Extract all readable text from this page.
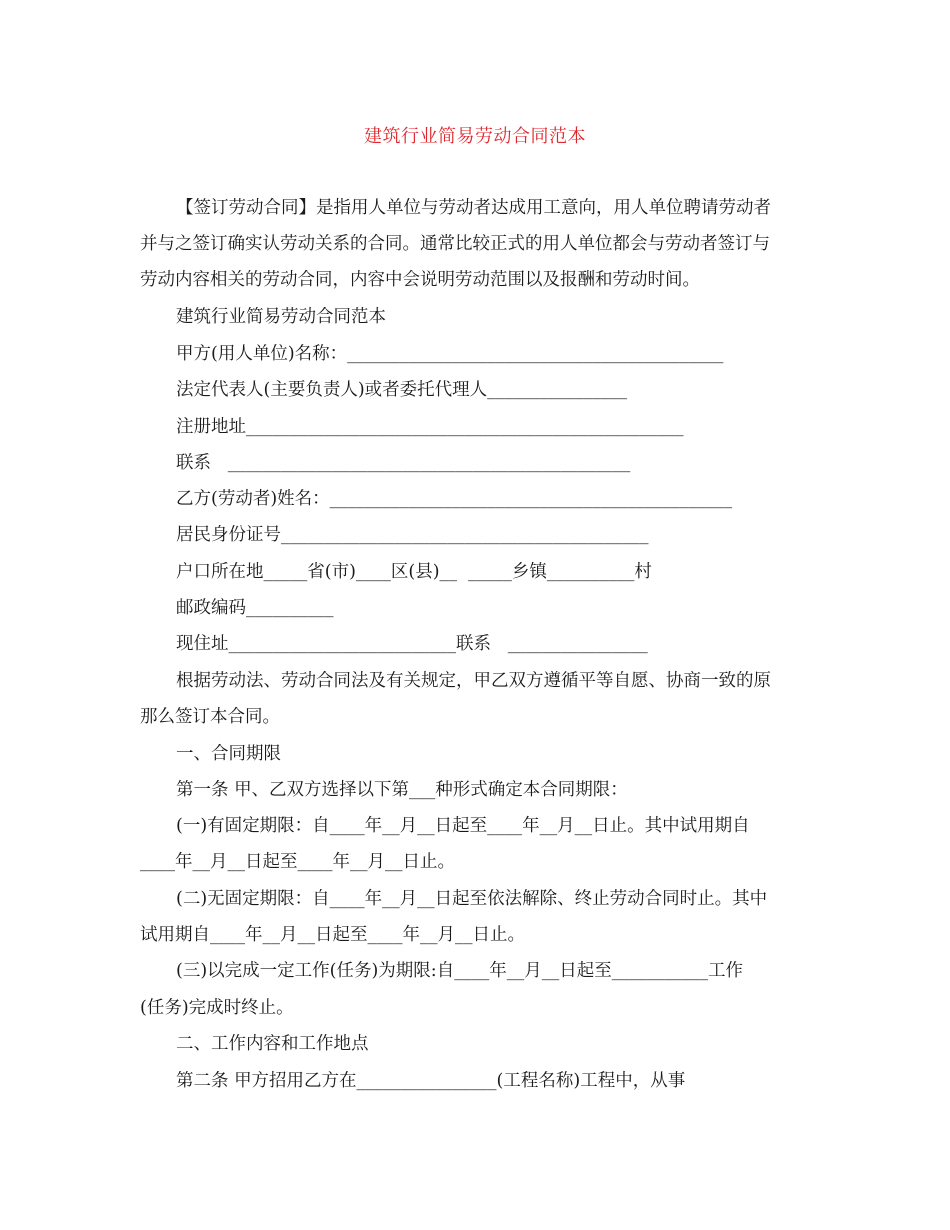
建筑行业简易劳动合同范本
【签订劳动合同】是指用人单位与劳动者达成用工意向，用人单位聘请劳动者
并与之签订确实认劳动关系的合同。通常比较正式的用人单位都会与劳动者签订与
劳动内容相关的劳动合同，内容中会说明劳动范围以及报酬和劳动时间。
建筑行业简易劳动合同范本
甲方(用人单位)名称：___________________________________________
法定代表人(主要负责人)或者委托代理人________________
注册地址__________________________________________________
联系   ______________________________________________
乙方(劳动者)姓名：______________________________________________
居民身份证号__________________________________________
户口所在地_____省(市)____区(县)__  _____乡镇__________村
邮政编码__________
现住址__________________________联系   ________________
根据劳动法、劳动合同法及有关规定，甲乙双方遵循平等自愿、协商一致的原
那么签订本合同。
一、合同期限
第一条 甲、乙双方选择以下第___种形式确定本合同期限：
(一)有固定期限：自____年__月__日起至____年__月__日止。其中试用期自
____年__月__日起至____年__月__日止。
(二)无固定期限：自____年__月__日起至依法解除、终止劳动合同时止。其中
试用期自____年__月__日起至____年__月__日止。
(三)以完成一定工作(任务)为期限:自____年__月__日起至___________工作
(任务)完成时终止。
二、工作内容和工作地点
第二条 甲方招用乙方在________________(工程名称)工程中，从事
